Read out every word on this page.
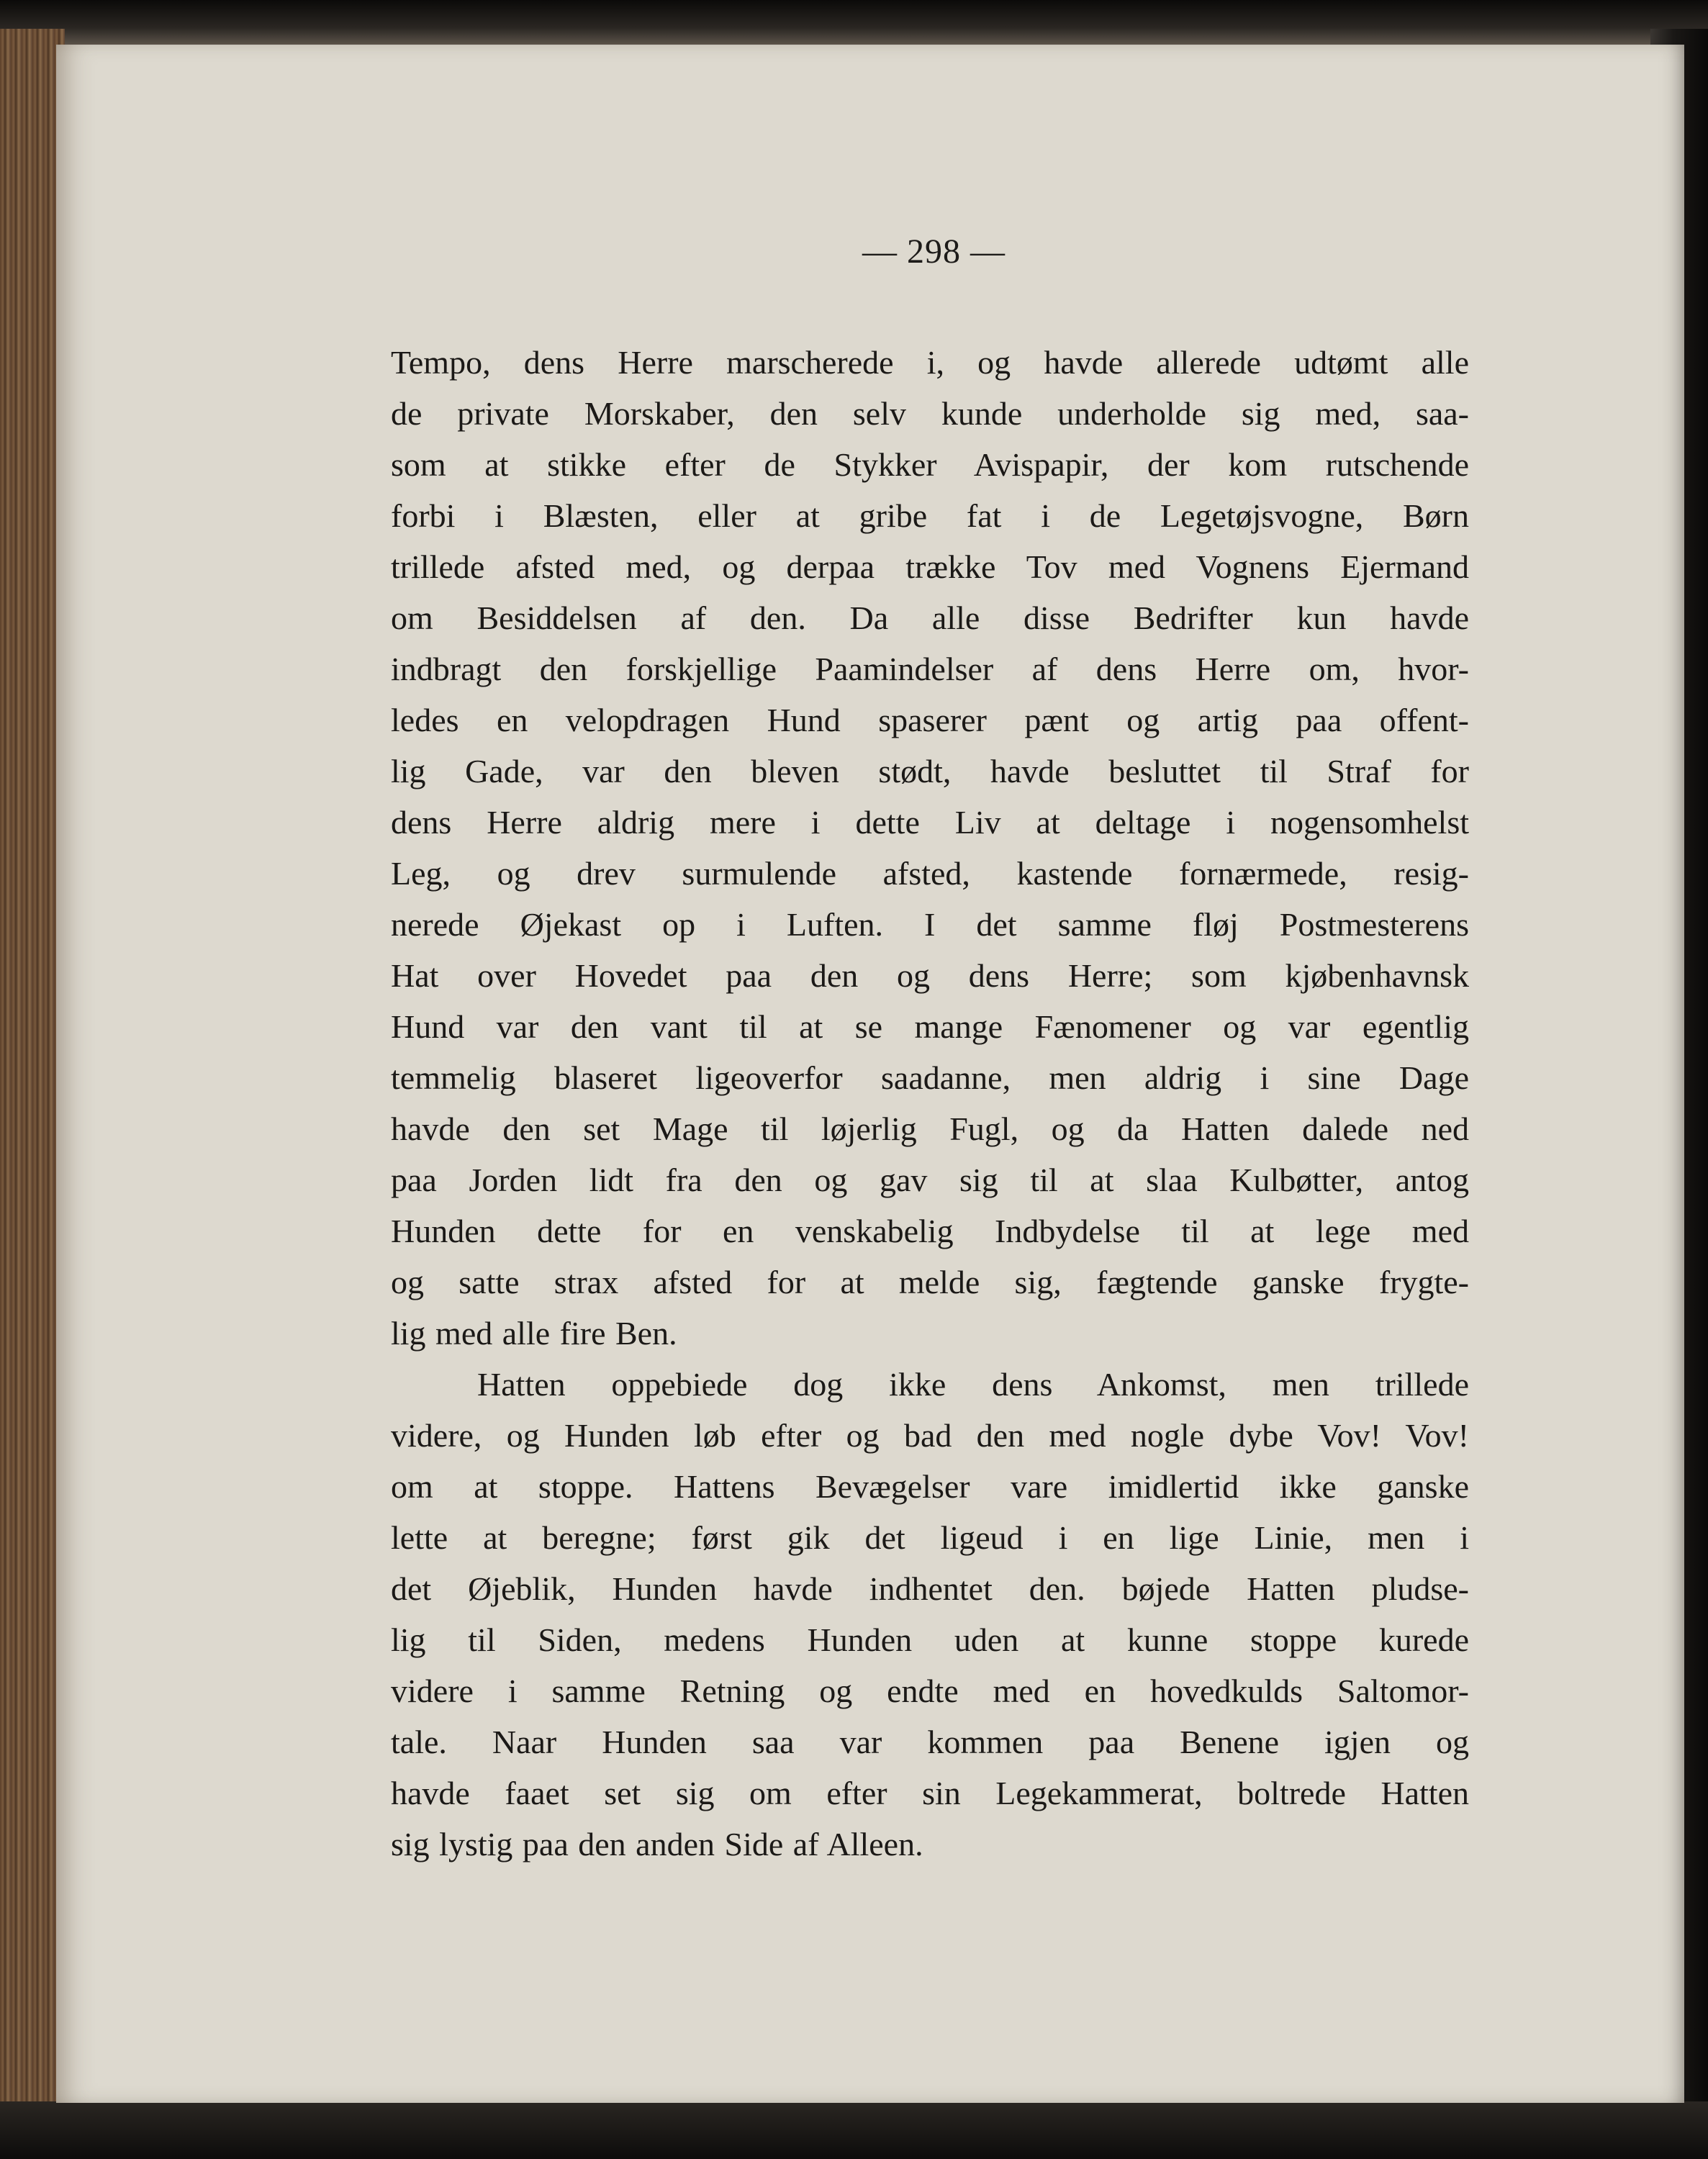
— 298 —
Tempo, dens Herre marscherede i, og havde allerede udtømt alle
de private Morskaber, den selv kunde underholde sig med, saa-
som at stikke efter de Stykker Avispapir, der kom rutschende
forbi i Blæsten, eller at gribe fat i de Legetøjsvogne, Børn
trillede afsted med, og derpaa trække Tov med Vognens Ejermand
om Besiddelsen af den. Da alle disse Bedrifter kun havde
indbragt den forskjellige Paamindelser af dens Herre om, hvor-
ledes en velopdragen Hund spaserer pænt og artig paa offent-
lig Gade, var den bleven stødt, havde besluttet til Straf for
dens Herre aldrig mere i dette Liv at deltage i nogensomhelst
Leg, og drev surmulende afsted, kastende fornærmede, resig-
nerede Øjekast op i Luften. I det samme fløj Postmesterens
Hat over Hovedet paa den og dens Herre; som kjøbenhavnsk
Hund var den vant til at se mange Fænomener og var egentlig
temmelig blaseret ligeoverfor saadanne, men aldrig i sine Dage
havde den set Mage til løjerlig Fugl, og da Hatten dalede ned
paa Jorden lidt fra den og gav sig til at slaa Kulbøtter, antog
Hunden dette for en venskabelig Indbydelse til at lege med
og satte strax afsted for at melde sig, fægtende ganske frygte-
lig med alle fire Ben.
Hatten oppebiede dog ikke dens Ankomst, men trillede
videre, og Hunden løb efter og bad den med nogle dybe Vov! Vov!
om at stoppe. Hattens Bevægelser vare imidlertid ikke ganske
lette at beregne; først gik det ligeud i en lige Linie, men i
det Øjeblik, Hunden havde indhentet den. bøjede Hatten pludse-
lig til Siden, medens Hunden uden at kunne stoppe kurede
videre i samme Retning og endte med en hovedkulds Saltomor-
tale. Naar Hunden saa var kommen paa Benene igjen og
havde faaet set sig om efter sin Legekammerat, boltrede Hatten
sig lystig paa den anden Side af Alleen.
